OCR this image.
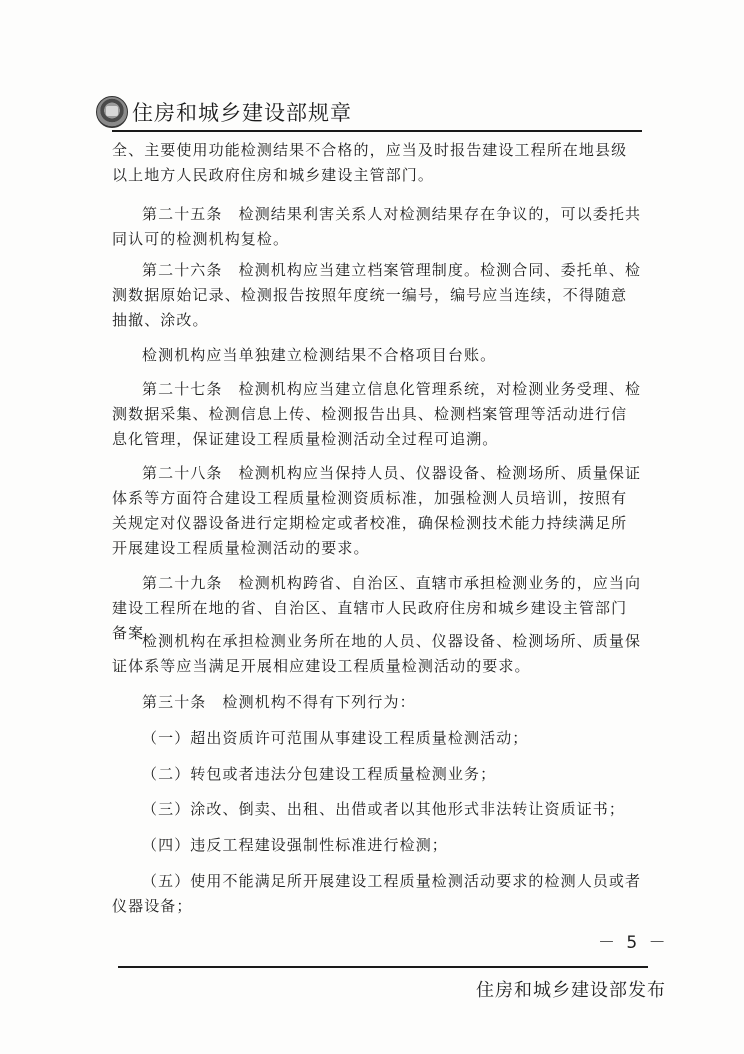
住房和城乡建设部规章
全、主要使用功能检测结果不合格的，应当及时报告建设工程所在地县级以上地方人民政府住房和城乡建设主管部门。
第二十五条　检测结果利害关系人对检测结果存在争议的，可以委托共同认可的检测机构复检。
第二十六条　检测机构应当建立档案管理制度。检测合同、委托单、检测数据原始记录、检测报告按照年度统一编号，编号应当连续，不得随意抽撤、涂改。
检测机构应当单独建立检测结果不合格项目台账。
第二十七条　检测机构应当建立信息化管理系统，对检测业务受理、检测数据采集、检测信息上传、检测报告出具、检测档案管理等活动进行信息化管理，保证建设工程质量检测活动全过程可追溯。
第二十八条　检测机构应当保持人员、仪器设备、检测场所、质量保证体系等方面符合建设工程质量检测资质标准，加强检测人员培训，按照有关规定对仪器设备进行定期检定或者校准，确保检测技术能力持续满足所开展建设工程质量检测活动的要求。
第二十九条　检测机构跨省、自治区、直辖市承担检测业务的，应当向建设工程所在地的省、自治区、直辖市人民政府住房和城乡建设主管部门备案。
检测机构在承担检测业务所在地的人员、仪器设备、检测场所、质量保证体系等应当满足开展相应建设工程质量检测活动的要求。
第三十条　检测机构不得有下列行为：
（一）超出资质许可范围从事建设工程质量检测活动；
（二）转包或者违法分包建设工程质量检测业务；
（三）涂改、倒卖、出租、出借或者以其他形式非法转让资质证书；
（四）违反工程建设强制性标准进行检测；
（五）使用不能满足所开展建设工程质量检测活动要求的检测人员或者仪器设备；
－ 5 －
住房和城乡建设部发布
